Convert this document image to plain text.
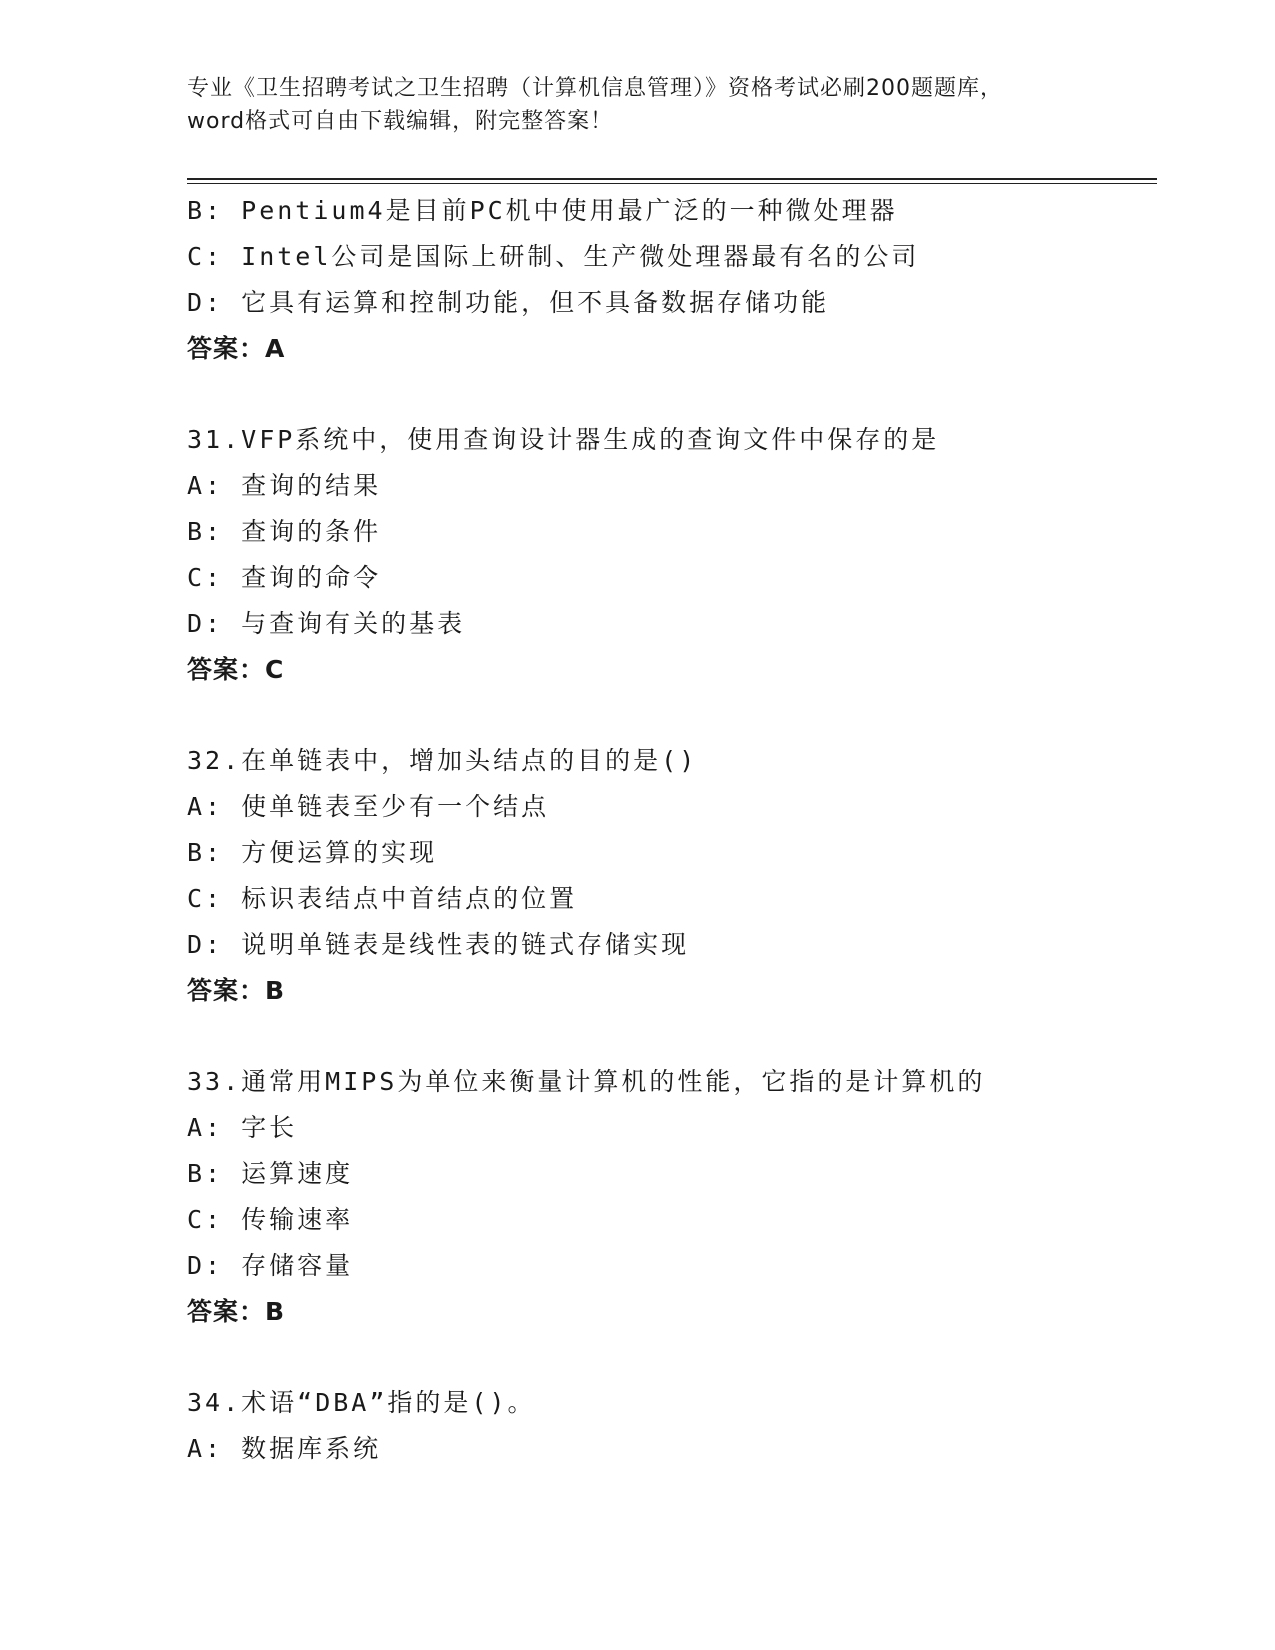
专业《卫生招聘考试之卫生招聘（计算机信息管理）》资格考试必刷200题题库，
word格式可自由下载编辑，附完整答案！
B: Pentium4是目前PC机中使用最广泛的一种微处理器
C: Intel公司是国际上研制、生产微处理器最有名的公司
D: 它具有运算和控制功能，但不具备数据存储功能
答案：A
31.VFP系统中，使用查询设计器生成的查询文件中保存的是
A: 查询的结果
B: 查询的条件
C: 查询的命令
D: 与查询有关的基表
答案：C
32.在单链表中，增加头结点的目的是()
A: 使单链表至少有一个结点
B: 方便运算的实现
C: 标识表结点中首结点的位置
D: 说明单链表是线性表的链式存储实现
答案：B
33.通常用MIPS为单位来衡量计算机的性能，它指的是计算机的
A: 字长
B: 运算速度
C: 传输速率
D: 存储容量
答案：B
34.术语“DBA”指的是()。
A: 数据库系统
